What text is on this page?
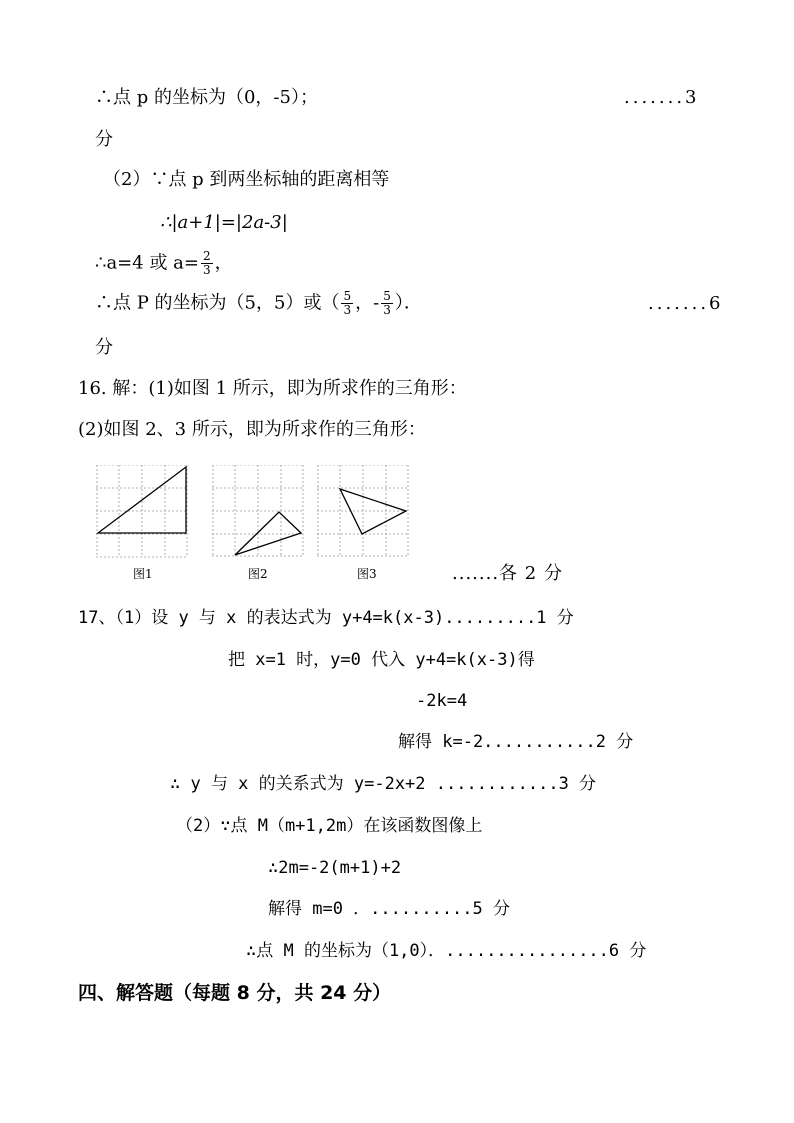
∴点 p 的坐标为（0，-5）；	.......3
分
（2）∵点 p 到两坐标轴的距离相等
∴|a+1|=|2a-3|
∴a=4 或 $a= \frac{2}{3}$ ，
∴点 P 的坐标为（5，5）或（ $\frac{5}{3}$ ，- $\frac{5}{3}$ ）．	.......6
分
16. 解：(1)如图 1 所示，即为所求作的三角形：
(2)如图 2、3 所示，即为所求作的三角形：
图1	图2	图3	.......各 2 分
17、（1）设 y 与 x 的表达式为 y+4=k(x-3).........1 分
把 x=1 时，y=0 代入 y+4=k(x-3)得
-2k=4
解得 k=-2...........2 分
∴ y 与 x 的关系式为 y=-2x+2 ............3 分
（2）∵点 M（m+1,2m）在该函数图像上
∴2m=-2(m+1)+2
解得 m=0 ．..........5 分
∴点 M 的坐标为（1,0）．................6 分
四、解答题（每题 8 分，共 24 分）
